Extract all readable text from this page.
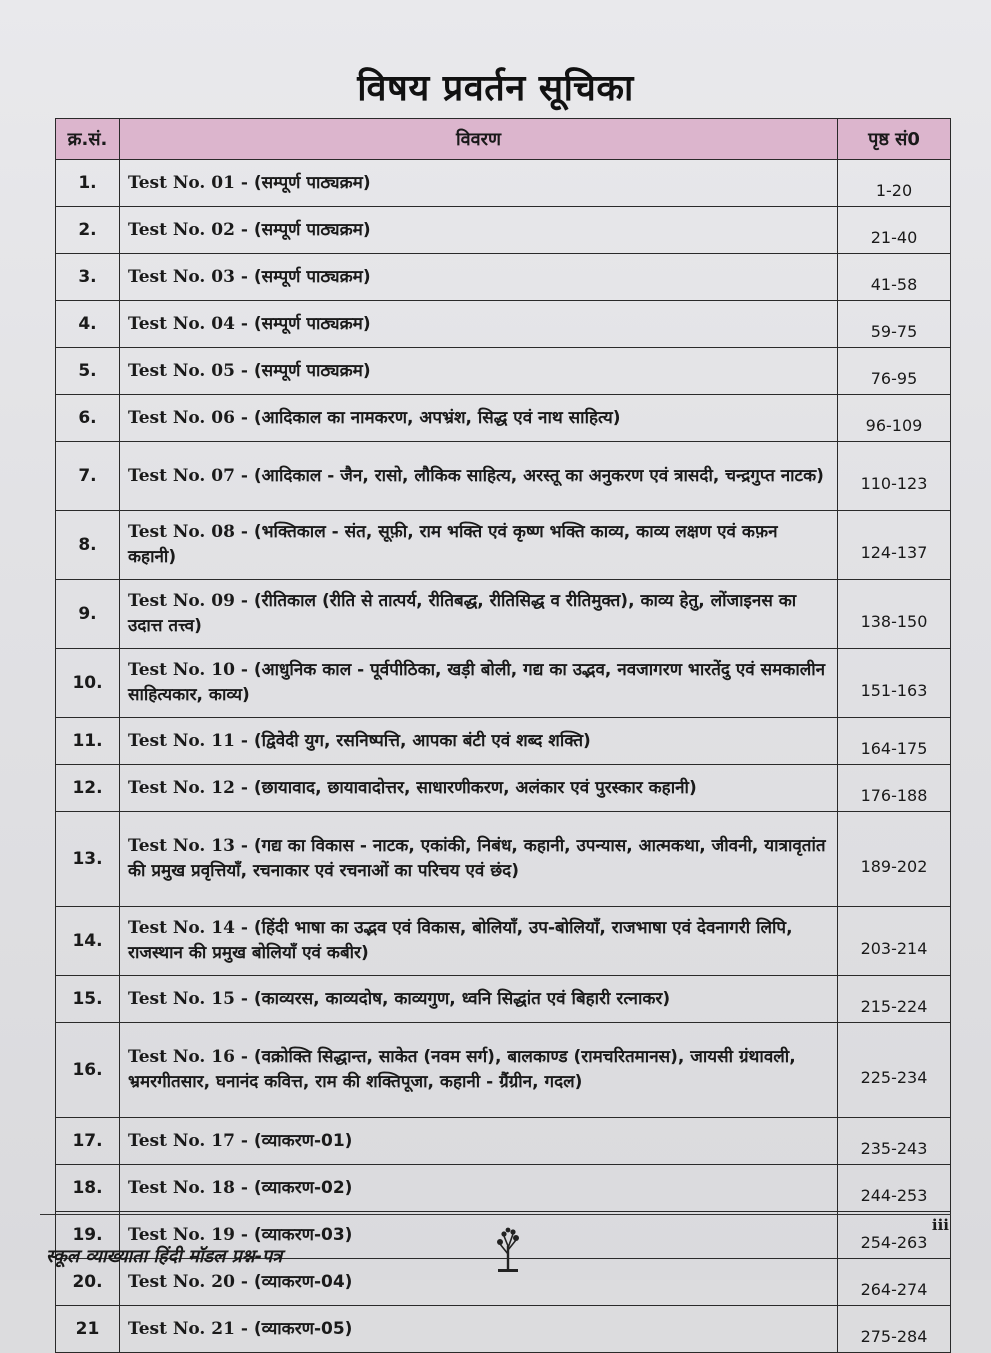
विषय प्रवर्तन सूचिका
क्र.सं.	विवरण	पृष्ठ सं0
1.	Test No. 01 - (सम्पूर्ण पाठ्यक्रम)	1-20
2.	Test No. 02 - (सम्पूर्ण पाठ्यक्रम)	21-40
3.	Test No. 03 - (सम्पूर्ण पाठ्यक्रम)	41-58
4.	Test No. 04 - (सम्पूर्ण पाठ्यक्रम)	59-75
5.	Test No. 05 - (सम्पूर्ण पाठ्यक्रम)	76-95
6.	Test No. 06 - (आदिकाल का नामकरण, अपभ्रंश, सिद्ध एवं नाथ साहित्य)	96-109
7.	Test No. 07 - (आदिकाल - जैन, रासो, लौकिक साहित्य, अरस्तू का अनुकरण एवं त्रासदी, चन्द्रगुप्त नाटक)	110-123
8.	Test No. 08 - (भक्तिकाल - संत, सूफ़ी, राम भक्ति एवं कृष्ण भक्ति काव्य, काव्य लक्षण एवं कफ़न कहानी)	124-137
9.	Test No. 09 - (रीतिकाल (रीति से तात्पर्य, रीतिबद्ध, रीतिसिद्ध व रीतिमुक्त), काव्य हेतु, लोंजाइनस का उदात्त तत्त्व)	138-150
10.	Test No. 10 - (आधुनिक काल - पूर्वपीठिका, खड़ी बोली, गद्य का उद्भव, नवजागरण भारतेंदु एवं समकालीन साहित्यकार, काव्य)	151-163
11.	Test No. 11 - (द्विवेदी युग, रसनिष्पत्ति, आपका बंटी एवं शब्द शक्ति)	164-175
12.	Test No. 12 - (छायावाद, छायावादोत्तर, साधारणीकरण, अलंकार एवं पुरस्कार कहानी)	176-188
13.	Test No. 13 - (गद्य का विकास - नाटक, एकांकी, निबंध, कहानी, उपन्यास, आत्मकथा, जीवनी, यात्रावृतांत की प्रमुख प्रवृत्तियाँ, रचनाकार एवं रचनाओं का परिचय एवं छंद)	189-202
14.	Test No. 14 - (हिंदी भाषा का उद्भव एवं विकास, बोलियाँ, उप-बोलियाँ, राजभाषा एवं देवनागरी लिपि, राजस्थान की प्रमुख बोलियाँ एवं कबीर)	203-214
15.	Test No. 15 - (काव्यरस, काव्यदोष, काव्यगुण, ध्वनि सिद्धांत एवं बिहारी रत्नाकर)	215-224
16.	Test No. 16 - (वक्रोक्ति सिद्धान्त, साकेत (नवम सर्ग), बालकाण्ड (रामचरितमानस), जायसी ग्रंथावली, भ्रमरगीतसार, घनानंद कवित्त, राम की शक्तिपूजा, कहानी - ग्रैंग्रीन, गदल)	225-234
17.	Test No. 17 - (व्याकरण-01)	235-243
18.	Test No. 18 - (व्याकरण-02)	244-253
19.	Test No. 19 - (व्याकरण-03)	254-263
20.	Test No. 20 - (व्याकरण-04)	264-274
21	Test No. 21 - (व्याकरण-05)	275-284
iii
स्कूल व्याख्याता हिंदी मॉडल प्रश्न-पत्र
